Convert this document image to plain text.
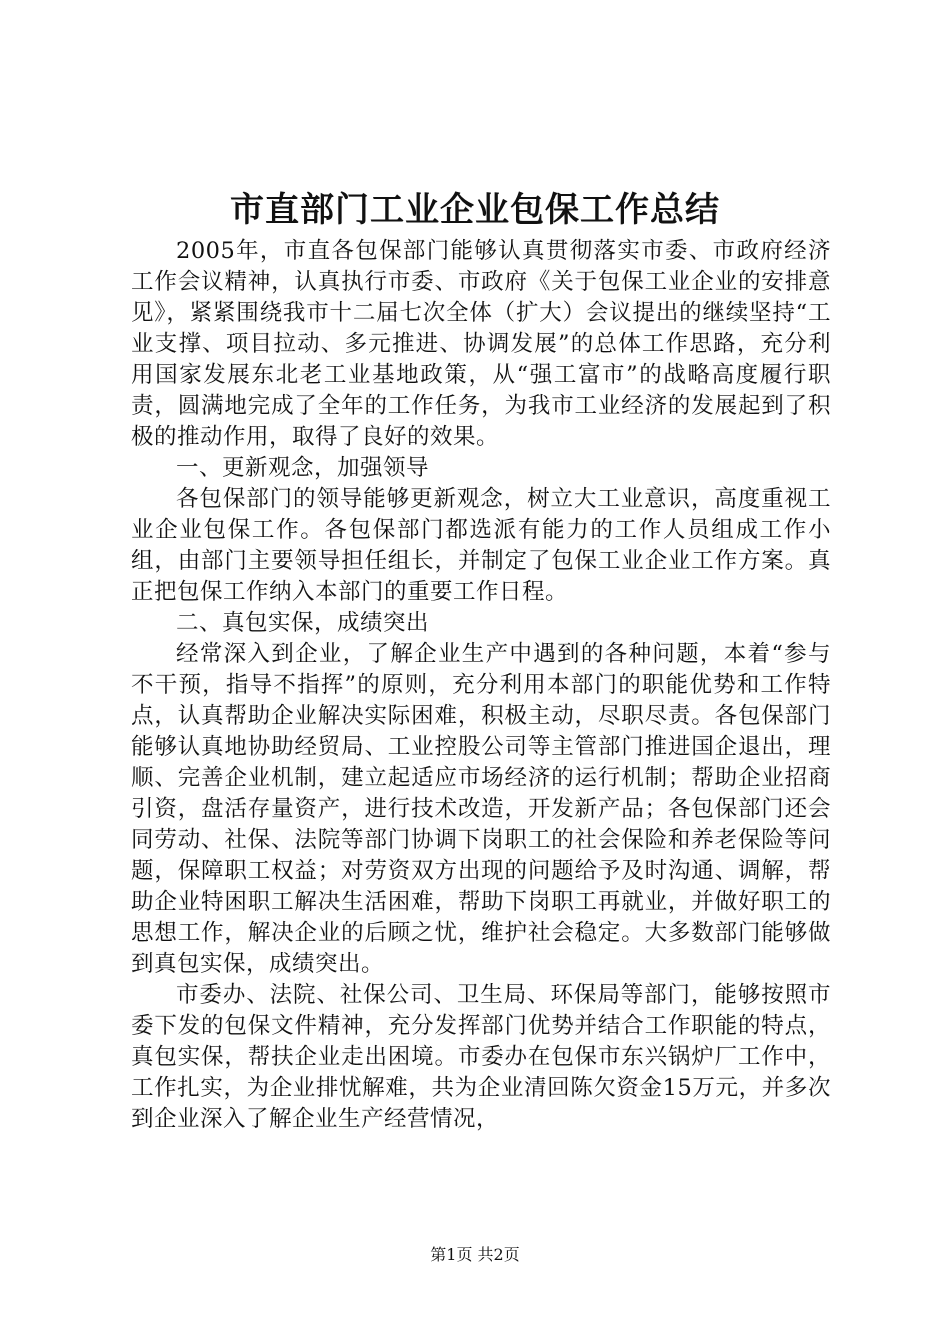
市直部门工业企业包保工作总结

2005年，市直各包保部门能够认真贯彻落实市委、市政府经济工作会议精神，认真执行市委、市政府《关于包保工业企业的安排意见》，紧紧围绕我市十二届七次全体（扩大）会议提出的继续坚持“工业支撑、项目拉动、多元推进、协调发展”的总体工作思路，充分利用国家发展东北老工业基地政策，从“强工富市”的战略高度履行职责，圆满地完成了全年的工作任务，为我市工业经济的发展起到了积极的推动作用，取得了良好的效果。

一、更新观念，加强领导

各包保部门的领导能够更新观念，树立大工业意识，高度重视工业企业包保工作。各包保部门都选派有能力的工作人员组成工作小组，由部门主要领导担任组长，并制定了包保工业企业工作方案。真正把包保工作纳入本部门的重要工作日程。

二、真包实保，成绩突出

经常深入到企业，了解企业生产中遇到的各种问题，本着“参与不干预，指导不指挥”的原则，充分利用本部门的职能优势和工作特点，认真帮助企业解决实际困难，积极主动，尽职尽责。各包保部门能够认真地协助经贸局、工业控股公司等主管部门推进国企退出，理顺、完善企业机制，建立起适应市场经济的运行机制；帮助企业招商引资，盘活存量资产，进行技术改造，开发新产品；各包保部门还会同劳动、社保、法院等部门协调下岗职工的社会保险和养老保险等问题，保障职工权益；对劳资双方出现的问题给予及时沟通、调解，帮助企业特困职工解决生活困难，帮助下岗职工再就业，并做好职工的思想工作，解决企业的后顾之忧，维护社会稳定。大多数部门能够做到真包实保，成绩突出。

市委办、法院、社保公司、卫生局、环保局等部门，能够按照市委下发的包保文件精神，充分发挥部门优势并结合工作职能的特点，真包实保，帮扶企业走出困境。市委办在包保市东兴锅炉厂工作中，工作扎实，为企业排忧解难，共为企业清回陈欠资金15万元，并多次到企业深入了解企业生产经营情况，

第1页 共2页
